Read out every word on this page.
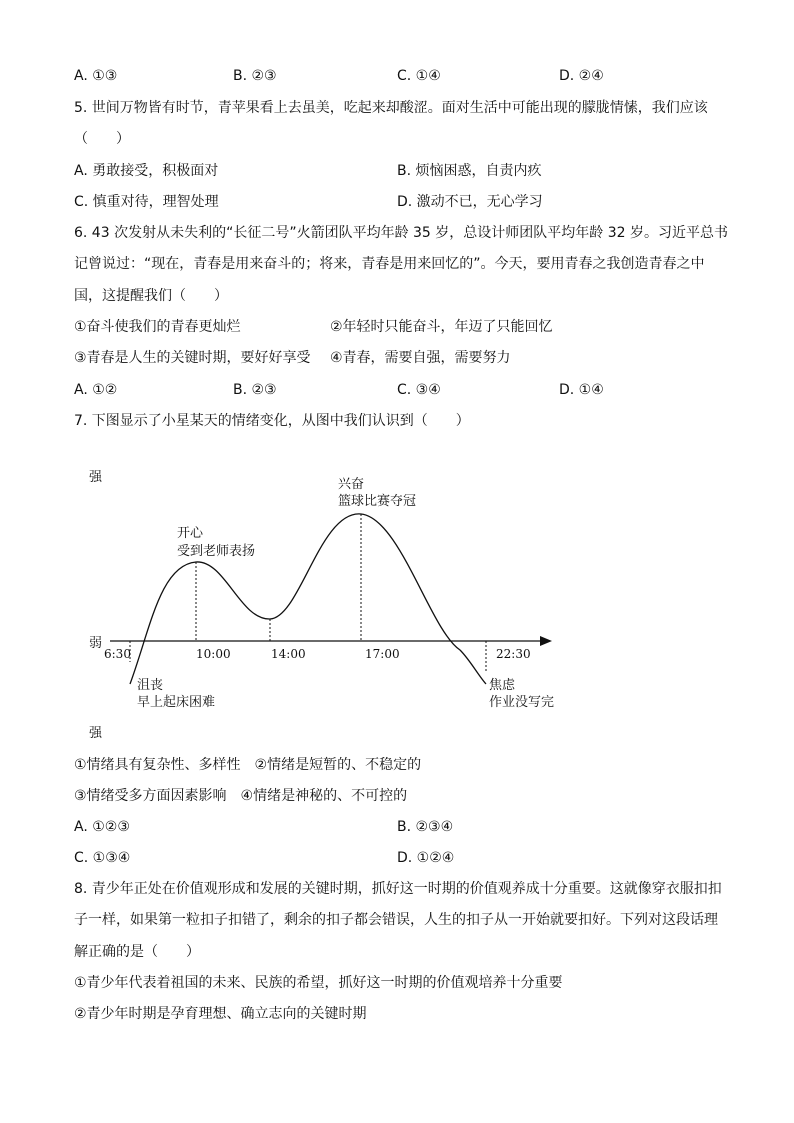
A. ①③	B. ②③	C. ①④	D. ②④
5. 世间万物皆有时节，青苹果看上去虽美，吃起来却酸涩。面对生活中可能出现的朦胧情愫，我们应该
（　　）
A. 勇敢接受，积极面对	B. 烦恼困惑，自责内疚
C. 慎重对待，理智处理	D. 激动不已，无心学习
6. 43 次发射从未失利的“长征二号”火箭团队平均年龄 35 岁，总设计师团队平均年龄 32 岁。习近平总书
记曾说过：“现在，青春是用来奋斗的；将来，青春是用来回忆的”。今天，要用青春之我创造青春之中
国，这提醒我们（　　）
①奋斗使我们的青春更灿烂	②年轻时只能奋斗，年迈了只能回忆
③青春是人生的关键时期，要好好享受 ④青春，需要自强，需要努力
A. ①②	B. ②③	C. ③④	D. ①④
7. 下图显示了小星某天的情绪变化，从图中我们认识到（　　）
强
弱
强
6:30	10:00	14:00	17:00	22:30
兴奋
篮球比赛夺冠
开心
受到老师表扬
沮丧
早上起床困难
焦虑
作业没写完
①情绪具有复杂性、多样性　②情绪是短暂的、不稳定的
③情绪受多方面因素影响　④情绪是神秘的、不可控的
A. ①②③	B. ②③④
C. ①③④	D. ①②④
8. 青少年正处在价值观形成和发展的关键时期，抓好这一时期的价值观养成十分重要。这就像穿衣服扣扣
子一样，如果第一粒扣子扣错了，剩余的扣子都会错误，人生的扣子从一开始就要扣好。下列对这段话理
解正确的是（　　）
①青少年代表着祖国的未来、民族的希望，抓好这一时期的价值观培养十分重要
②青少年时期是孕育理想、确立志向的关键时期
